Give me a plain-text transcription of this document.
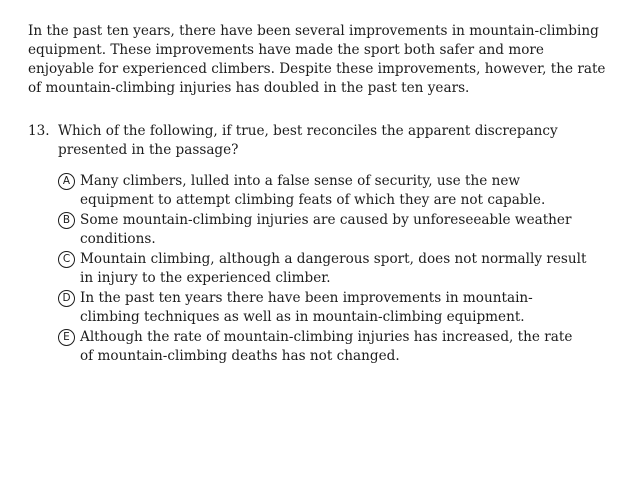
In the past ten years, there have been several improvements in mountain-climbing equipment. These improvements have made the sport both safer and more enjoyable for experienced climbers. Despite these improvements, however, the rate of mountain-climbing injuries has doubled in the past ten years.

13. Which of the following, if true, best reconciles the apparent discrepancy presented in the passage?
A Many climbers, lulled into a false sense of security, use the new equipment to attempt climbing feats of which they are not capable.
B Some mountain-climbing injuries are caused by unforeseeable weather conditions.
C Mountain climbing, although a dangerous sport, does not normally result in injury to the experienced climber.
D In the past ten years there have been improvements in mountain-climbing techniques as well as in mountain-climbing equipment.
E Although the rate of mountain-climbing injuries has increased, the rate of mountain-climbing deaths has not changed.
